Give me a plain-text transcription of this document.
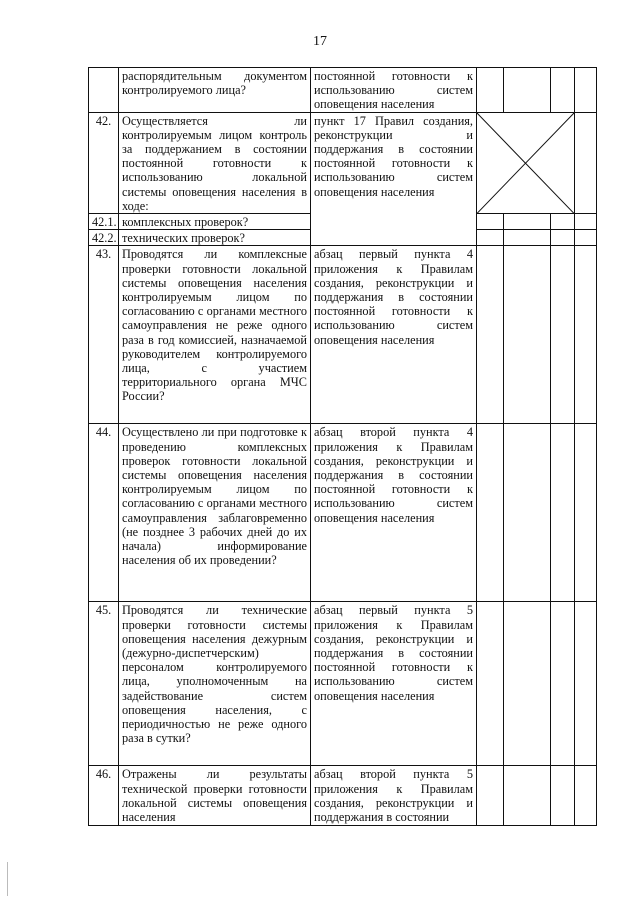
17
	распорядительным документом контролируемого лица?	постоянной готовности к использованию систем оповещения населения				
42.	Осуществляется ли контролируемым лицом контроль за поддержанием в состоянии постоянной готовности к использованию локальной системы оповещения населения в ходе:	пункт 17 Правил создания, реконструкции и поддержания в состоянии постоянной готовности к использованию систем оповещения населения	

42.1.	комплексных проверок?					
42.2.	технических проверок?					
43.	Проводятся ли комплексные проверки готовности локальной системы оповещения населения контролируемым лицом по согласованию с органами местного самоуправления не реже одного раза в год комиссией, назначаемой руководителем контролируемого лица, с участием территориального органа МЧС России?	абзац первый пункта 4 приложения к Правилам создания, реконструкции и поддержания в состоянии постоянной готовности к использованию систем оповещения населения				
44.	Осуществлено ли при подготовке к проведению комплексных проверок готовности локальной системы оповещения населения контролируемым лицом по согласованию с органами местного самоуправления заблаговременно (не позднее 3 рабочих дней до их начала) информирование населения об их проведении?	абзац второй пункта 4 приложения к Правилам создания, реконструкции и поддержания в состоянии постоянной готовности к использованию систем оповещения населения				
45.	Проводятся ли технические проверки готовности системы оповещения населения дежурным (дежурно-диспетчерским) персоналом контролируемого лица, уполномоченным на задействование систем оповещения населения, с периодичностью не реже одного раза в сутки?	абзац первый пункта 5 приложения к Правилам создания, реконструкции и поддержания в состоянии постоянной готовности к использованию систем оповещения населения				
46.	Отражены ли результаты технической проверки готовности локальной системы оповещения населения	абзац второй пункта 5 приложения к Правилам создания, реконструкции и поддержания в состоянии				
